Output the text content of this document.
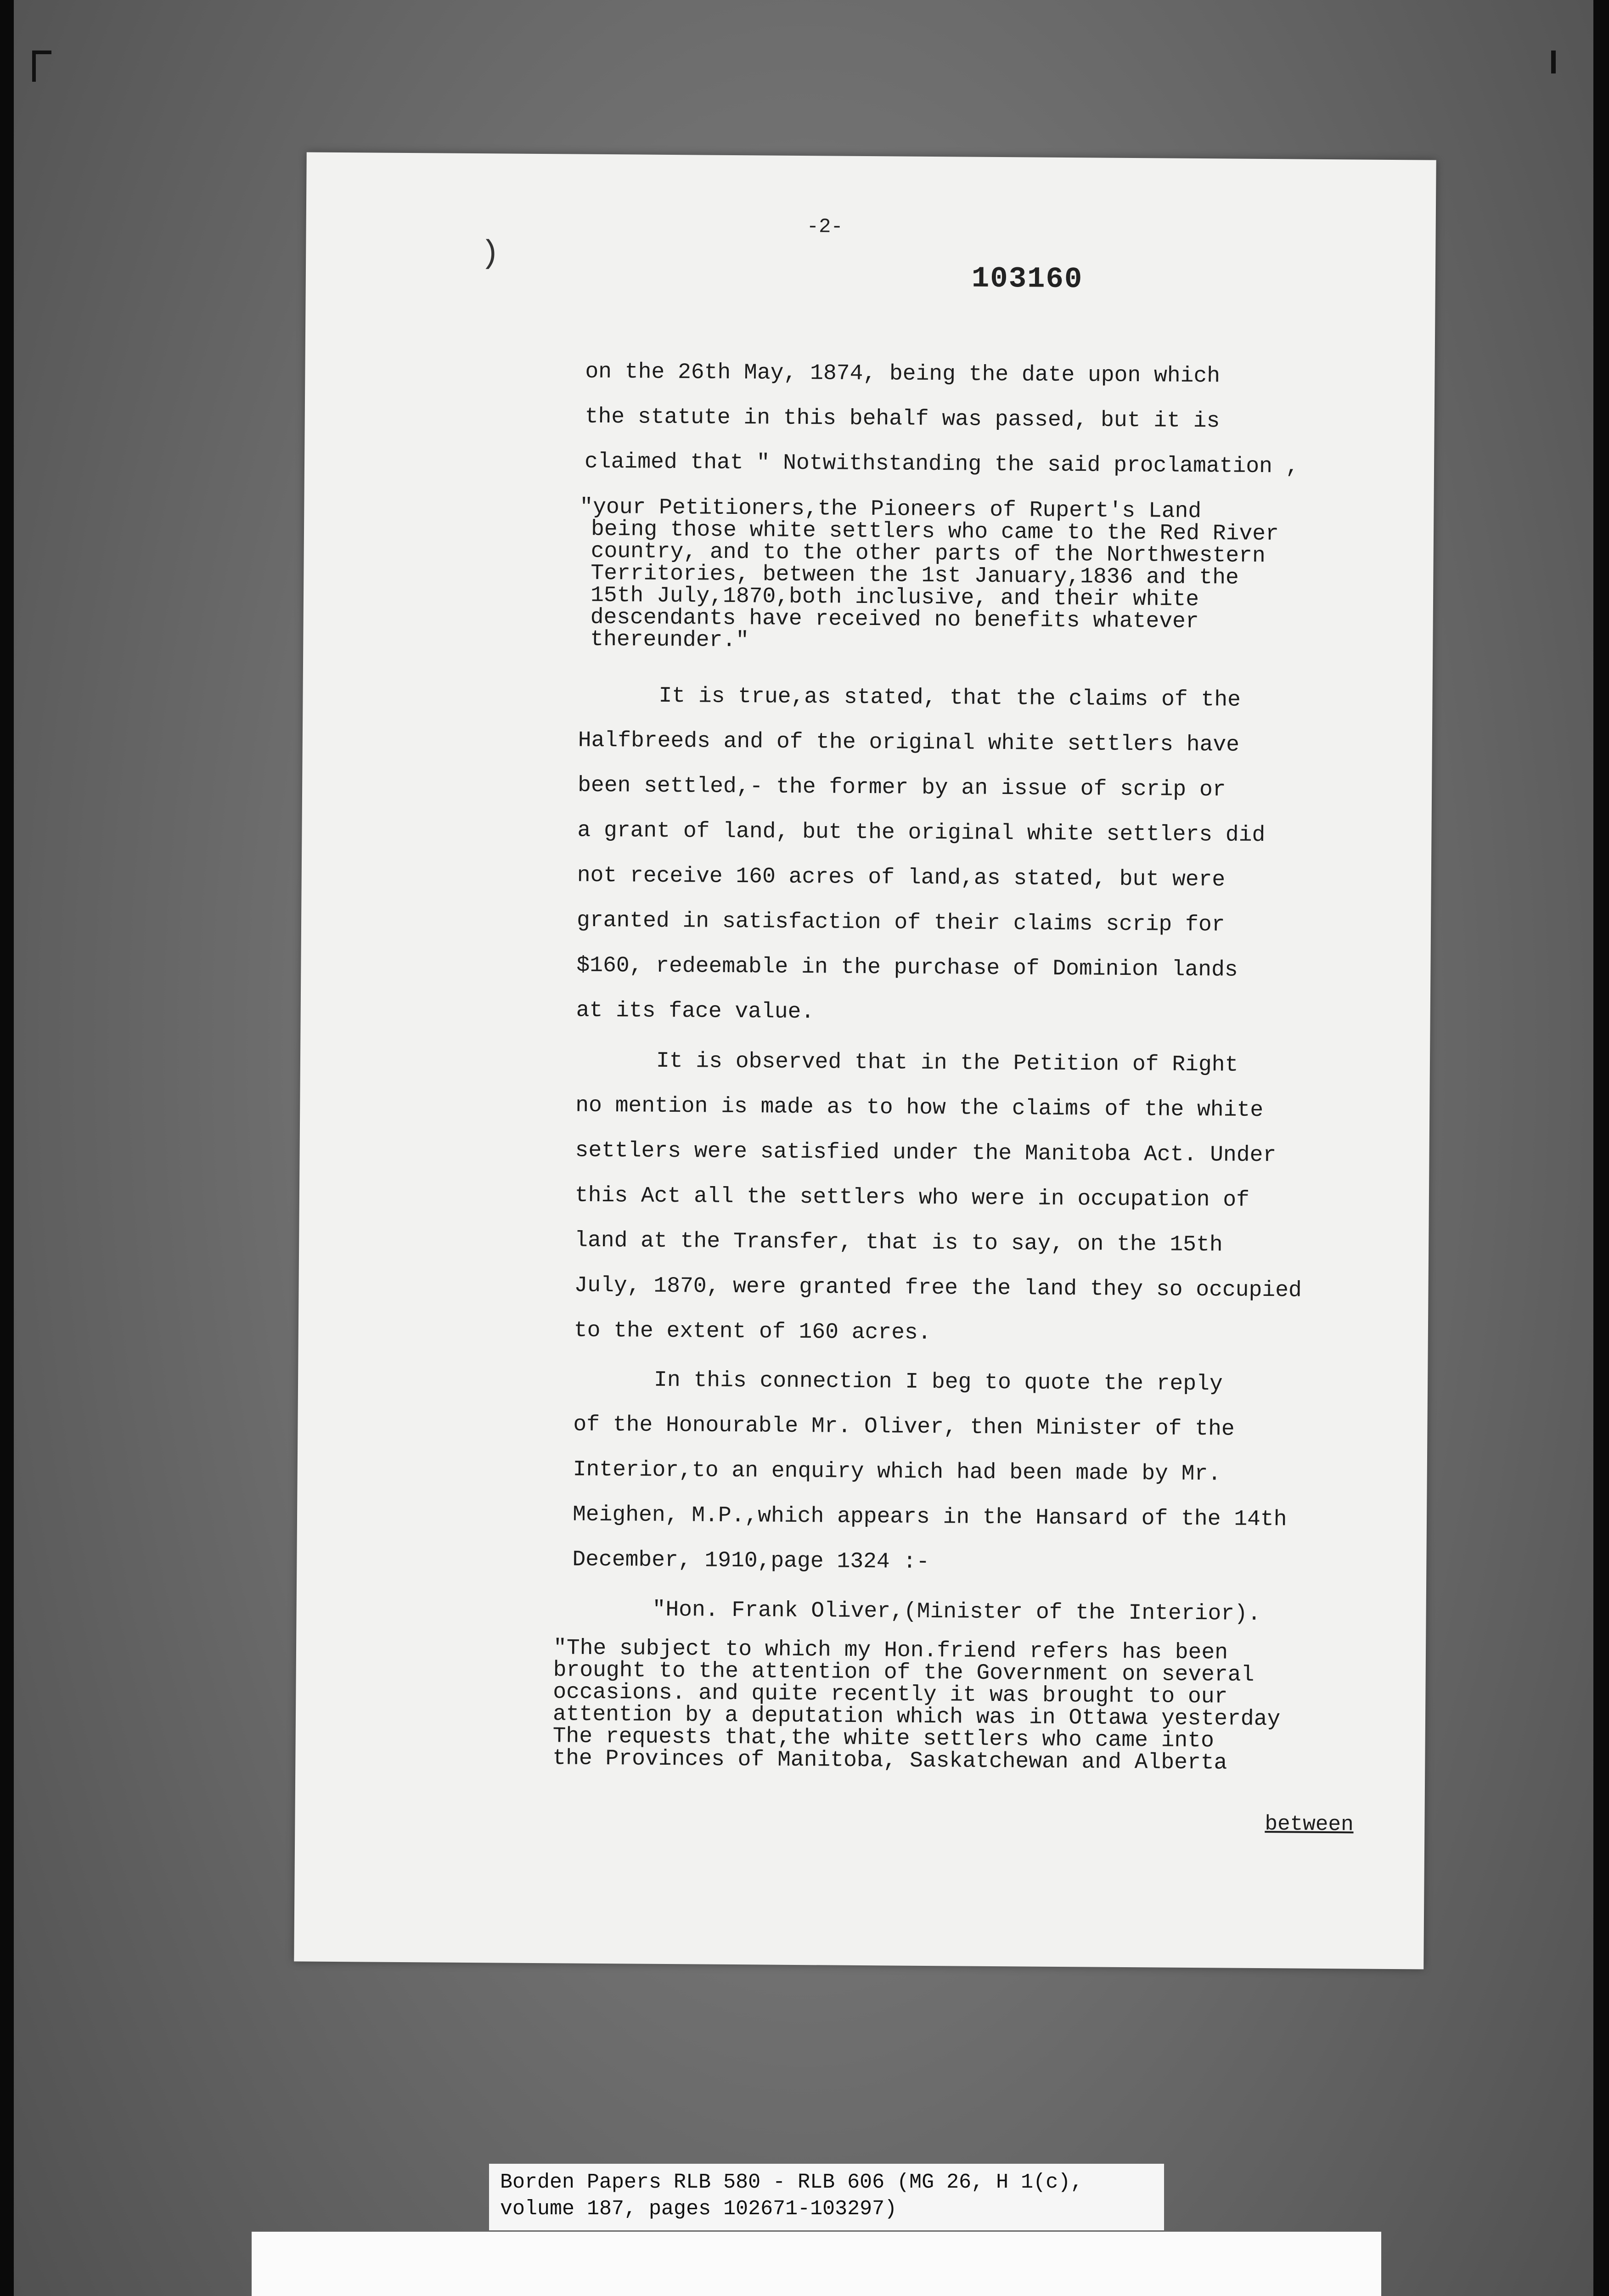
)
-2-
103160
on the 26th May, 1874, being the date upon which
the statute in this behalf was passed, but it is
claimed that " Notwithstanding the said proclamation ,
"your Petitioners,the Pioneers of Rupert's Land
being those white settlers who came to the Red River
country, and to the other parts of the Northwestern
Territories, between the 1st January,1836 and the
15th July,1870,both inclusive, and their white
descendants have received no benefits whatever
thereunder."
It is true,as stated, that the claims of the
Halfbreeds and of the original white settlers have
been settled,- the former by an issue of scrip or
a grant of land, but the original white settlers did
not receive 160 acres of land,as stated, but were
granted in satisfaction of their claims scrip for
$160, redeemable in the purchase of Dominion lands
at its face value.
It is observed that in the Petition of Right
no mention is made as to how the claims of the white
settlers were satisfied under the Manitoba Act. Under
this Act all the settlers who were in occupation of
land at the Transfer, that is to say, on the 15th
July, 1870, were granted free the land they so occupied
to the extent of 160 acres.
In this connection I beg to quote the reply
of the Honourable Mr. Oliver, then Minister of the
Interior,to an enquiry which had been made by Mr.
Meighen, M.P.,which appears in the Hansard of the 14th
December, 1910,page 1324 :-
"Hon. Frank Oliver,(Minister of the Interior).
"The subject to which my Hon.friend refers has been
brought to the attention of the Government on several
occasions. and quite recently it was brought to our
attention by a deputation which was in Ottawa yesterday
The requests that,the white settlers who came into
the Provinces of Manitoba, Saskatchewan and Alberta
between
Borden Papers RLB 580 - RLB 606 (MG 26, H 1(c),
volume 187, pages 102671-103297)
